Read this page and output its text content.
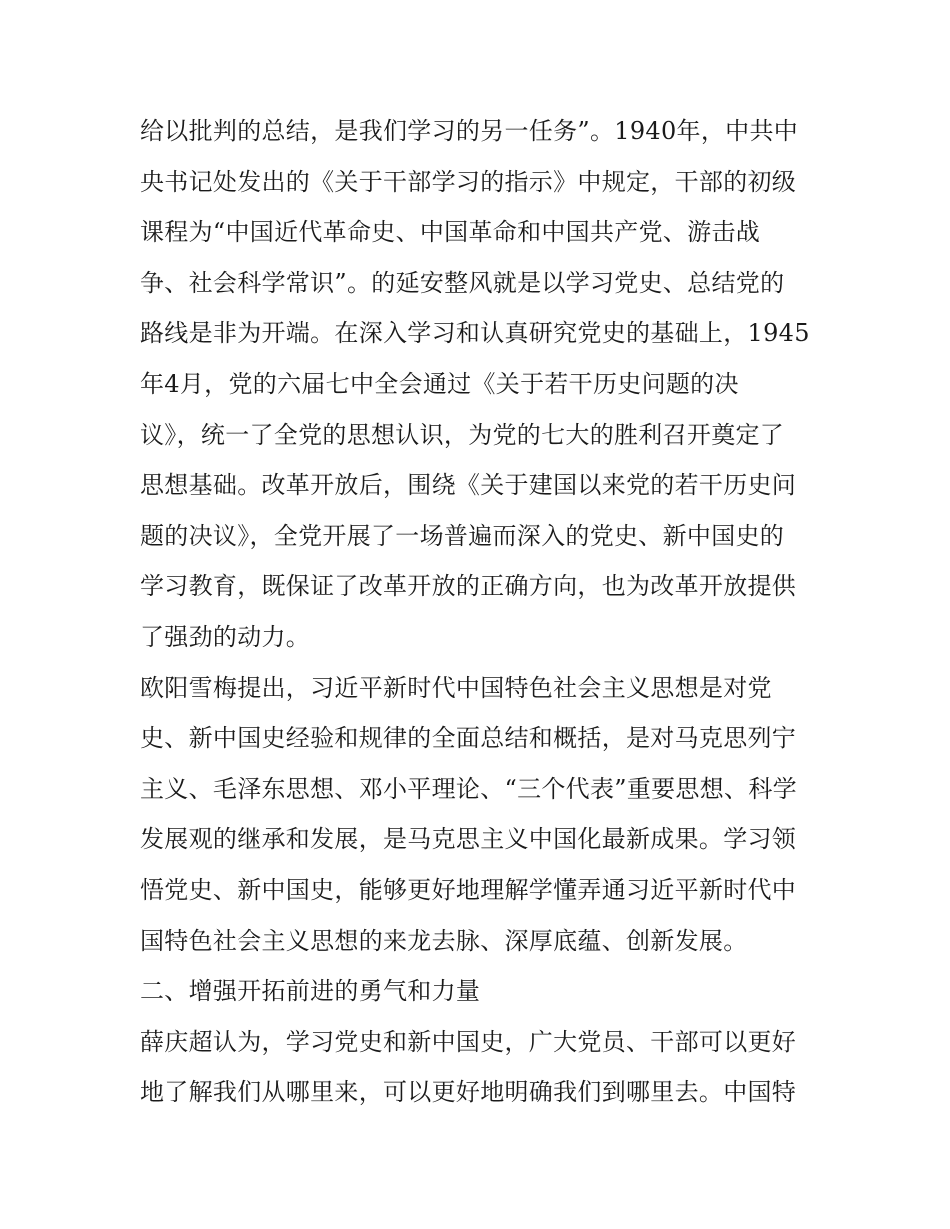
给以批判的总结，是我们学习的另一任务”。1940年，中共中
央书记处发出的《关于干部学习的指示》中规定，干部的初级
课程为“中国近代革命史、中国革命和中国共产党、游击战
争、社会科学常识”。的延安整风就是以学习党史、总结党的
路线是非为开端。在深入学习和认真研究党史的基础上，1945
年4月，党的六届七中全会通过《关于若干历史问题的决
议》，统一了全党的思想认识，为党的七大的胜利召开奠定了
思想基础。改革开放后，围绕《关于建国以来党的若干历史问
题的决议》，全党开展了一场普遍而深入的党史、新中国史的
学习教育，既保证了改革开放的正确方向，也为改革开放提供
了强劲的动力。
欧阳雪梅提出，习近平新时代中国特色社会主义思想是对党
史、新中国史经验和规律的全面总结和概括，是对马克思列宁
主义、毛泽东思想、邓小平理论、“三个代表”重要思想、科学
发展观的继承和发展，是马克思主义中国化最新成果。学习领
悟党史、新中国史，能够更好地理解学懂弄通习近平新时代中
国特色社会主义思想的来龙去脉、深厚底蕴、创新发展。
二、增强开拓前进的勇气和力量
薛庆超认为，学习党史和新中国史，广大党员、干部可以更好
地了解我们从哪里来，可以更好地明确我们到哪里去。中国特
